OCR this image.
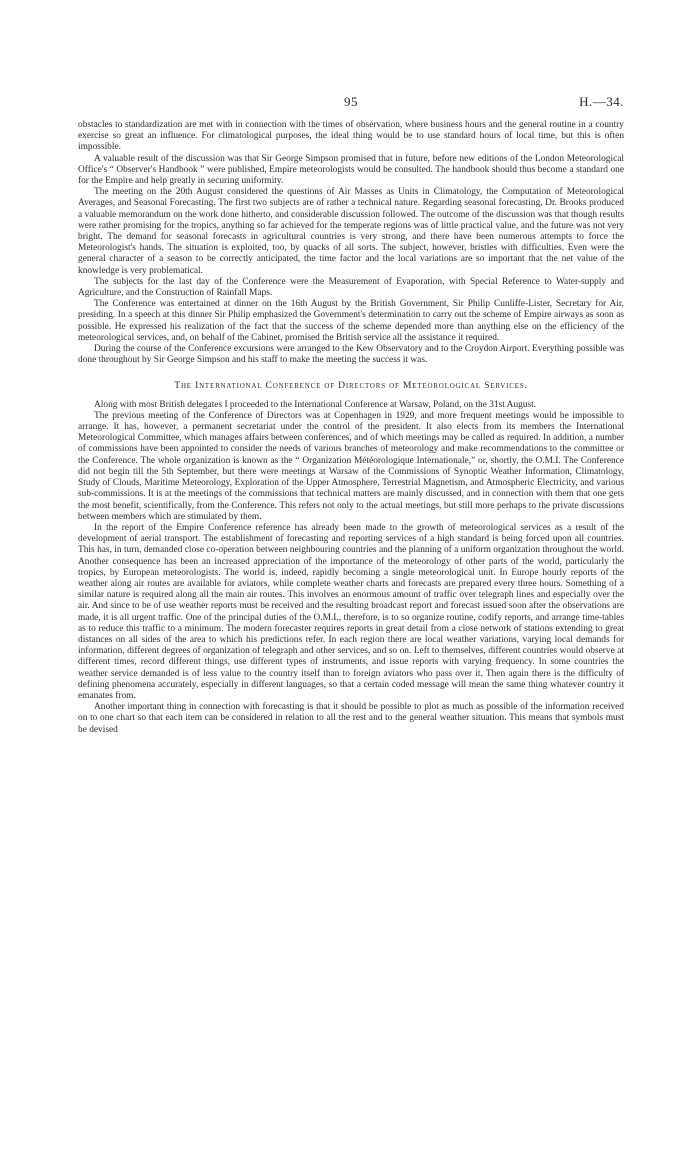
95	H.—34.

obstacles to standardization are met with in connection with the times of observation, where business hours and the general routine in a country exercise so great an influence. For climatological purposes, the ideal thing would be to use standard hours of local time, but this is often impossible.

A valuable result of the discussion was that Sir George Simpson promised that in future, before new editions of the London Meteorological Office's “ Observer's Handbook ” were published, Empire meteorologists would be consulted. The handbook should thus become a standard one for the Empire and help greatly in securing uniformity.

The meeting on the 20th August considered the questions of Air Masses as Units in Climatology, the Computation of Meteorological Averages, and Seasonal Forecasting. The first two subjects are of rather a technical nature. Regarding seasonal forecasting, Dr. Brooks produced a valuable memorandum on the work done hitherto, and considerable discussion followed. The outcome of the discussion was that though results were rather promising for the tropics, anything so far achieved for the temperate regions was of little practical value, and the future was not very bright. The demand for seasonal forecasts in agricultural countries is very strong, and there have been numerous attempts to force the Meteorologist's hands. The situation is exploited, too, by quacks of all sorts. The subject, however, bristles with difficulties. Even were the general character of a season to be correctly anticipated, the time factor and the local variations are so important that the net value of the knowledge is very problematical.

The subjects for the last day of the Conference were the Measurement of Evaporation, with Special Reference to Water-supply and Agriculture, and the Construction of Rainfall Maps.

The Conference was entertained at dinner on the 16th August by the British Government, Sir Philip Cunliffe-Lister, Secretary for Air, presiding. In a speech at this dinner Sir Philip emphasized the Government's determination to carry out the scheme of Empire airways as soon as possible. He expressed his realization of the fact that the success of the scheme depended more than anything else on the efficiency of the meteorological services, and, on behalf of the Cabinet, promised the British service all the assistance it required.

During the course of the Conference excursions were arranged to the Kew Observatory and to the Croydon Airport. Everything possible was done throughout by Sir George Simpson and his staff to make the meeting the success it was.

The International Conference of Directors of Meteorological Services.

Along with most British delegates I proceeded to the International Conference at Warsaw, Poland, on the 31st August.

The previous meeting of the Conference of Directors was at Copenhagen in 1929, and more frequent meetings would be impossible to arrange. It has, however, a permanent secretariat under the control of the president. It also elects from its members the International Meteorological Committee, which manages affairs between conferences, and of which meetings may be called as required. In addition, a number of commissions have been appointed to consider the needs of various branches of meteorology and make recommendations to the committee or the Conference. The whole organization is known as the “ Organization Météorologique Internationale,” or, shortly, the O.M.I. The Conference did not begin till the 5th September, but there were meetings at Warsaw of the Commissions of Synoptic Weather Information, Climatology, Study of Clouds, Maritime Meteorology, Exploration of the Upper Atmosphere, Terrestrial Magnetism, and Atmospheric Electricity, and various sub-commissions. It is at the meetings of the commissions that technical matters are mainly discussed, and in connection with them that one gets the most benefit, scientifically, from the Conference. This refers not only to the actual meetings, but still more perhaps to the private discussions between members which are stimulated by them.

In the report of the Empire Conference reference has already been made to the growth of meteorological services as a result of the development of aerial transport. The establishment of forecasting and reporting services of a high standard is being forced upon all countries. This has, in turn, demanded close co-operation between neighbouring countries and the planning of a uniform organization throughout the world. Another consequence has been an increased appreciation of the importance of the meteorology of other parts of the world, particularly the tropics, by European meteorologists. The world is, indeed, rapidly becoming a single meteorological unit. In Europe hourly reports of the weather along air routes are available for aviators, while complete weather charts and forecasts are prepared every three hours. Something of a similar nature is required along all the main air routes. This involves an enormous amount of traffic over telegraph lines and especially over the air. And since to be of use weather reports must be received and the resulting broadcast report and forecast issued soon after the observations are made, it is all urgent traffic. One of the principal duties of the O.M.I., therefore, is to so organize routine, codify reports, and arrange time-tables as to reduce this traffic to a minimum. The modern forecaster requires reports in great detail from a close network of stations extending to great distances on all sides of the area to which his predictions refer. In each region there are local weather variations, varying local demands for information, different degrees of organization of telegraph and other services, and so on. Left to themselves, different countries would observe at different times, record different things, use different types of instruments, and issue reports with varying frequency. In some countries the weather service demanded is of less value to the country itself than to foreign aviators who pass over it. Then again there is the difficulty of defining phenomena accurately, especially in different languages, so that a certain coded message will mean the same thing whatever country it emanates from.

Another important thing in connection with forecasting is that it should be possible to plot as much as possible of the information received on to one chart so that each item can be considered in relation to all the rest and to the general weather situation. This means that symbols must be devised
